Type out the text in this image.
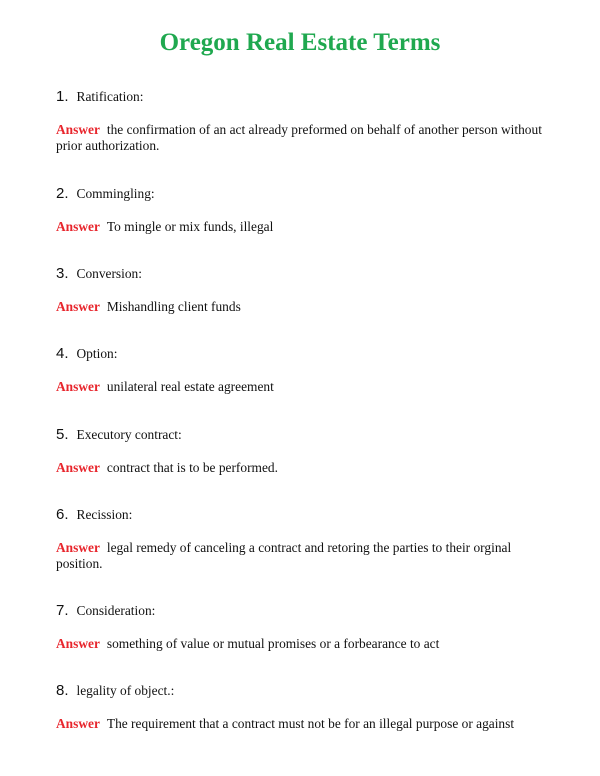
Oregon Real Estate Terms
1. Ratification:
Answer the confirmation of an act already preformed on behalf of another person without prior authorization.
2. Commingling:
Answer To mingle or mix funds, illegal
3. Conversion:
Answer Mishandling client funds
4. Option:
Answer unilateral real estate agreement
5. Executory contract:
Answer contract that is to be performed.
6. Recission:
Answer legal remedy of canceling a contract and retoring the parties to their orginal position.
7. Consideration:
Answer something of value or mutual promises or a forbearance to act
8. legality of object.:
Answer The requirement that a contract must not be for an illegal purpose or against
